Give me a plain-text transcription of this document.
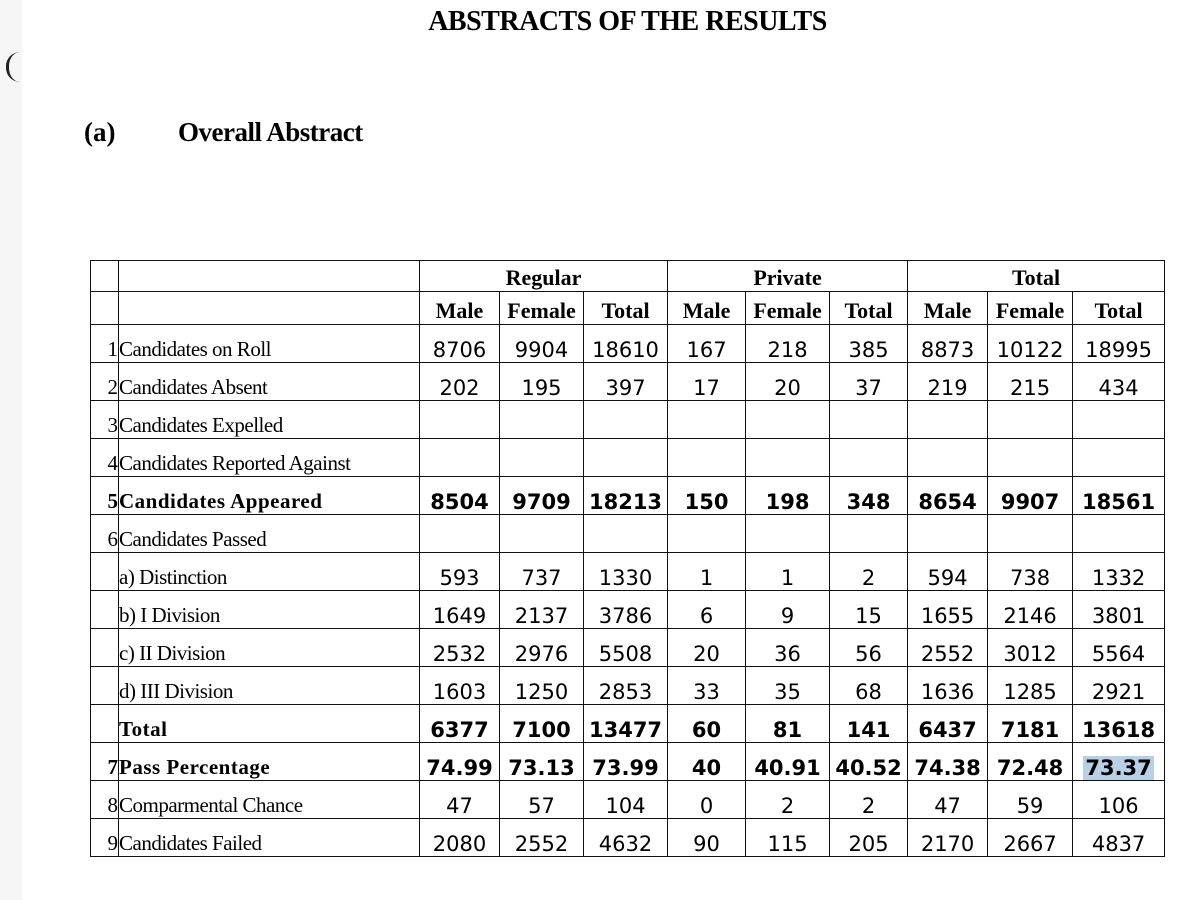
ABSTRACTS OF THE RESULTS
(a) Overall Abstract
		Regular			Private			Total		
		Male	Female	Total	Male	Female	Total	Male	Female	Total
1	Candidates on Roll	8706	9904	18610	167	218	385	8873	10122	18995
2	Candidates Absent	202	195	397	17	20	37	219	215	434
3	Candidates Expelled									
4	Candidates Reported Against									
5	Candidates Appeared	8504	9709	18213	150	198	348	8654	9907	18561
6	Candidates Passed									
	a) Distinction	593	737	1330	1	1	2	594	738	1332
	b) I Division	1649	2137	3786	6	9	15	1655	2146	3801
	c) II Division	2532	2976	5508	20	36	56	2552	3012	5564
	d) III Division	1603	1250	2853	33	35	68	1636	1285	2921
	Total	6377	7100	13477	60	81	141	6437	7181	13618
7	Pass Percentage	74.99	73.13	73.99	40	40.91	40.52	74.38	72.48	73.37
8	Comparmental Chance	47	57	104	0	2	2	47	59	106
9	Candidates Failed	2080	2552	4632	90	115	205	2170	2667	4837
